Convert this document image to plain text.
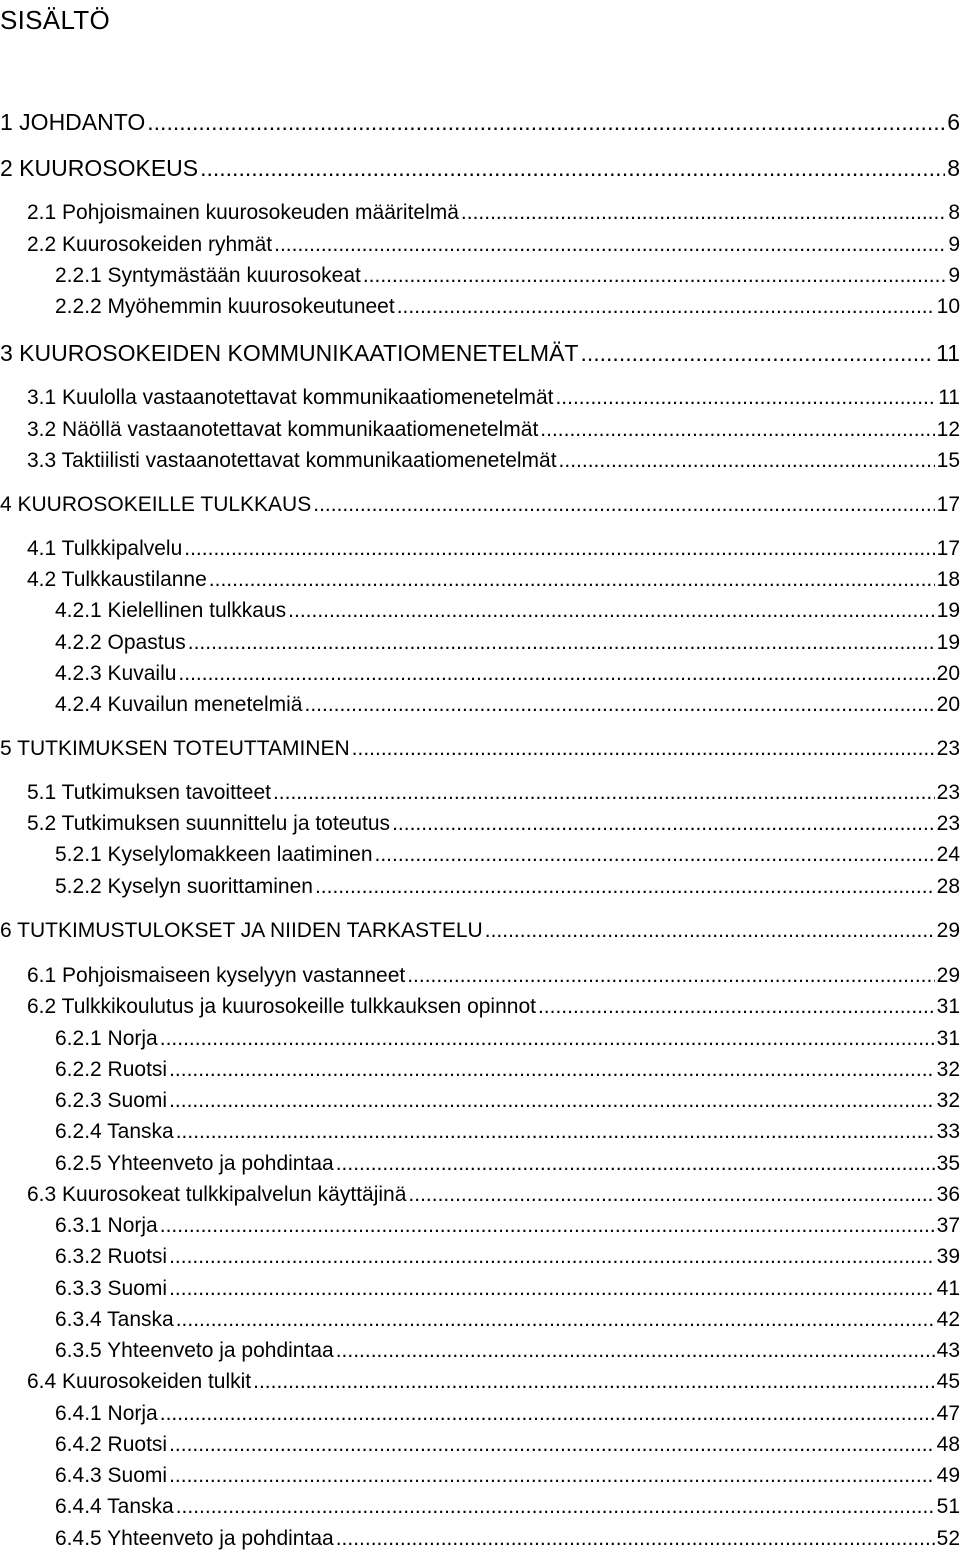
SISÄLTÖ
1 JOHDANTO .....	6
2 KUUROSOKEUS .....	8
2.1 Pohjoismainen kuurosokeuden määritelmä .....	8
2.2 Kuurosokeiden ryhmät .....	9
2.2.1 Syntymästään kuurosokeat .....	9
2.2.2 Myöhemmin kuurosokeutuneet .....	10
3 KUUROSOKEIDEN KOMMUNIKAATIOMENETELMÄT .....	11
3.1 Kuulolla vastaanotettavat kommunikaatiomenetelmät .....	11
3.2 Näöllä vastaanotettavat kommunikaatiomenetelmät .....	12
3.3 Taktiilisti vastaanotettavat kommunikaatiomenetelmät .....	15
4 KUUROSOKEILLE TULKKAUS .....	17
4.1 Tulkkipalvelu .....	17
4.2 Tulkkaustilanne .....	18
4.2.1 Kielellinen tulkkaus .....	19
4.2.2 Opastus .....	19
4.2.3 Kuvailu .....	20
4.2.4 Kuvailun menetelmiä .....	20
5 TUTKIMUKSEN TOTEUTTAMINEN .....	23
5.1 Tutkimuksen tavoitteet .....	23
5.2 Tutkimuksen suunnittelu ja toteutus .....	23
5.2.1 Kyselylomakkeen laatiminen .....	24
5.2.2 Kyselyn suorittaminen .....	28
6 TUTKIMUSTULOKSET JA NIIDEN TARKASTELU .....	29
6.1 Pohjoismaiseen kyselyyn vastanneet .....	29
6.2 Tulkkikoulutus ja kuurosokeille tulkkauksen opinnot .....	31
6.2.1 Norja .....	31
6.2.2 Ruotsi .....	32
6.2.3 Suomi .....	32
6.2.4 Tanska .....	33
6.2.5 Yhteenveto ja pohdintaa .....	35
6.3 Kuurosokeat tulkkipalvelun käyttäjinä .....	36
6.3.1 Norja .....	37
6.3.2 Ruotsi .....	39
6.3.3 Suomi .....	41
6.3.4 Tanska .....	42
6.3.5 Yhteenveto ja pohdintaa .....	43
6.4 Kuurosokeiden tulkit .....	45
6.4.1 Norja .....	47
6.4.2 Ruotsi .....	48
6.4.3 Suomi .....	49
6.4.4 Tanska .....	51
6.4.5 Yhteenveto ja pohdintaa .....	52
